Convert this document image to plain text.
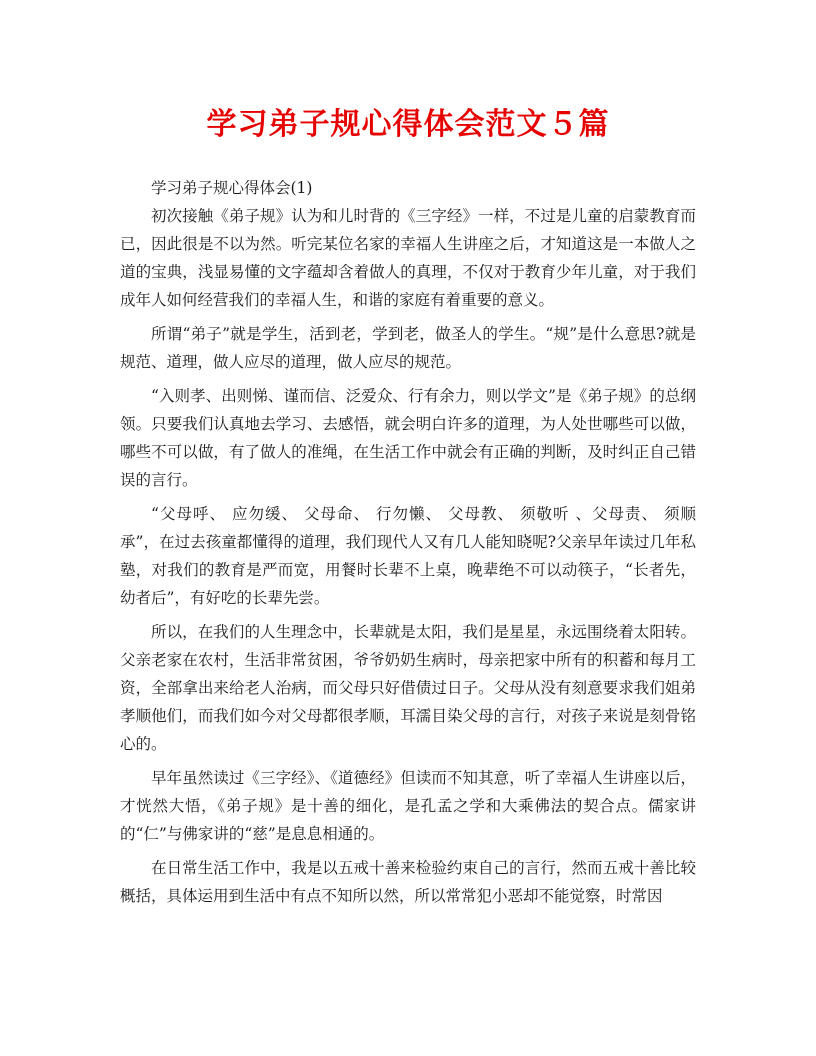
学习弟子规心得体会范文５篇

学习弟子规心得体会(1)

初次接触《弟子规》认为和儿时背的《三字经》一样，不过是儿童的启蒙教育而已，因此很是不以为然。听完某位名家的幸福人生讲座之后，才知道这是一本做人之道的宝典，浅显易懂的文字蕴却含着做人的真理，不仅对于教育少年儿童，对于我们成年人如何经营我们的幸福人生，和谐的家庭有着重要的意义。

所谓“弟子”就是学生，活到老，学到老，做圣人的学生。“规”是什么意思?就是规范、道理，做人应尽的道理，做人应尽的规范。

“入则孝、出则悌、谨而信、泛爱众、行有余力，则以学文”是《弟子规》的总纲领。只要我们认真地去学习、去感悟，就会明白许多的道理，为人处世哪些可以做，哪些不可以做，有了做人的准绳，在生活工作中就会有正确的判断，及时纠正自己错误的言行。

“父母呼、 应勿缓、 父母命、 行勿懒、 父母教、 须敬听 、父母责、 须顺承”，在过去孩童都懂得的道理，我们现代人又有几人能知晓呢?父亲早年读过几年私塾，对我们的教育是严而宽，用餐时长辈不上桌，晚辈绝不可以动筷子，“长者先，幼者后”，有好吃的长辈先尝。

所以，在我们的人生理念中，长辈就是太阳，我们是星星，永远围绕着太阳转。父亲老家在农村，生活非常贫困，爷爷奶奶生病时，母亲把家中所有的积蓄和每月工资，全部拿出来给老人治病，而父母只好借债过日子。父母从没有刻意要求我们姐弟孝顺他们，而我们如今对父母都很孝顺，耳濡目染父母的言行，对孩子来说是刻骨铭心的。

早年虽然读过《三字经》、《道德经》但读而不知其意，听了幸福人生讲座以后，才恍然大悟，《弟子规》是十善的细化，是孔孟之学和大乘佛法的契合点。儒家讲的“仁”与佛家讲的“慈”是息息相通的。

在日常生活工作中，我是以五戒十善来检验约束自己的言行，然而五戒十善比较概括，具体运用到生活中有点不知所以然，所以常常犯小恶却不能觉察，时常因
